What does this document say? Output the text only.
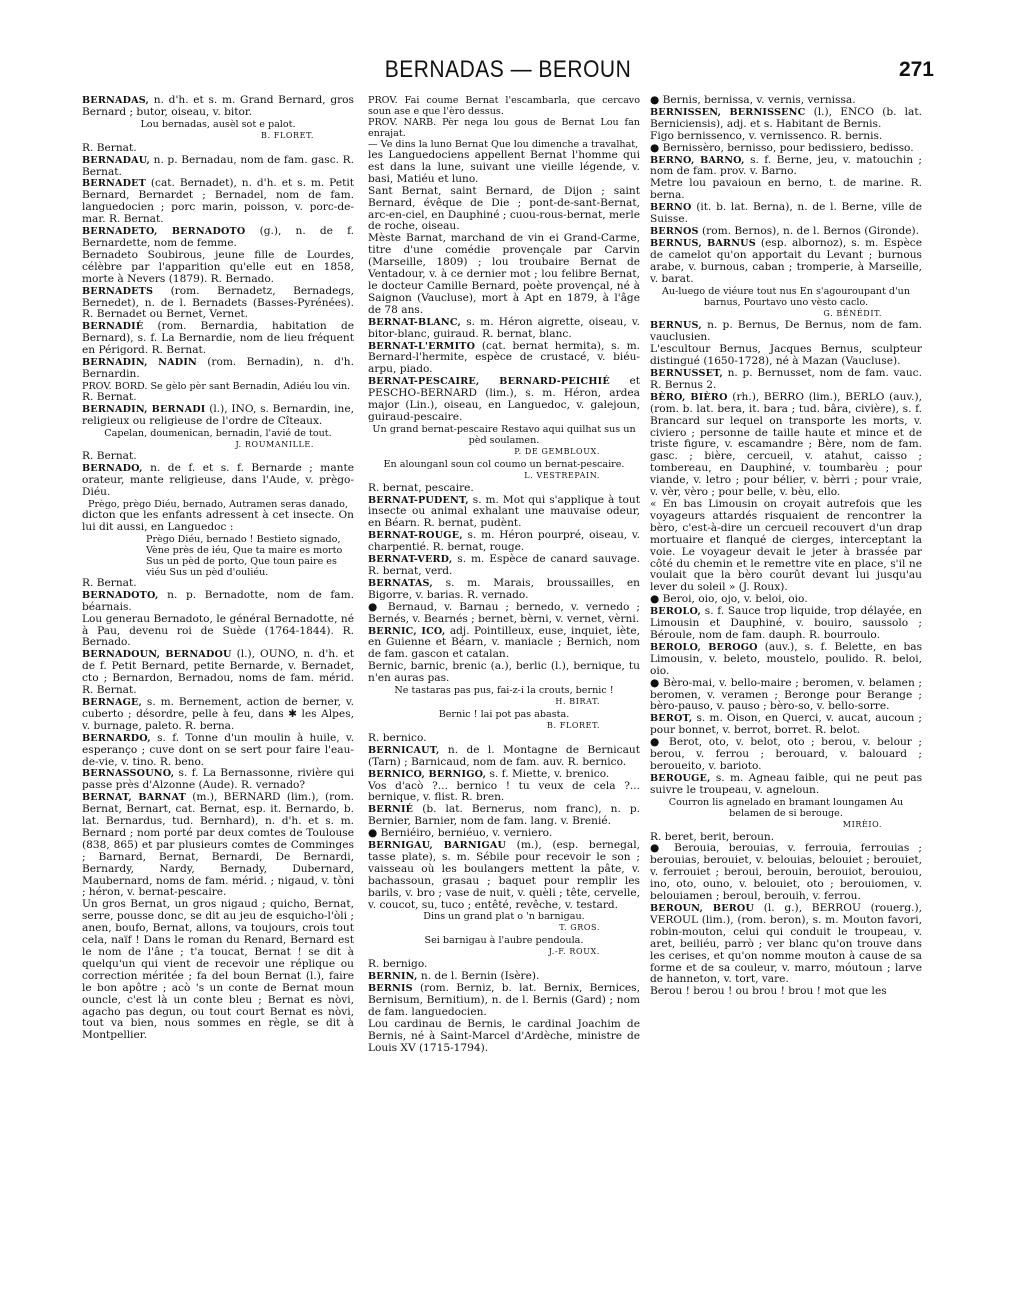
BERNADAS — BEROUN	271

BERNADAS, n. d'h. et s. m. Grand Bernard, gros Bernard ; butor, oiseau, v. bitor.

Lou bernadas, ausèl sot e palot.

B. FLORET.

R. Bernat.

BERNADAU, n. p. Bernadau, nom de fam. gasc. R. Bernat.

BERNADET (cat. Bernadet), n. d'h. et s. m. Petit Bernard, Bernardet ; Bernadel, nom de fam. languedocien ; porc marin, poisson, v. porc-de-mar. R. Bernat.

BERNADETO, BERNADOTO (g.), n. de f. Bernardette, nom de femme.

Bernadeto Soubirous, jeune fille de Lourdes, célèbre par l'apparition qu'elle eut en 1858, morte à Nevers (1879). R. Bernado.

BERNADETS (rom. Bernadetz, Bernadegs, Bernedet), n. de l. Bernadets (Basses-Pyrénées). R. Bernadet ou Bernet, Vernet.

BERNADIÉ (rom. Bernardia, habitation de Bernard), s. f. La Bernardie, nom de lieu fréquent en Périgord. R. Bernat.

BERNADIN, NADIN (rom. Bernadin), n. d'h. Bernardin.

PROV. BORD. Se gèlo pèr sant Bernadin, Adiéu lou vin.

R. Bernat.

BERNADIN, BERNADI (l.), INO, s. Bernardin, ine, religieux ou religieuse de l'ordre de Cîteaux.

Capelan, doumenican, bernadin, l'avié de tout.

J. ROUMANILLE.

R. Bernat.

BERNADO, n. de f. et s. f. Bernarde ; mante orateur, mante religieuse, dans l'Aude, v. prègo-Diéu.

Prègo, prègo Diéu, bernado, Autramen seras danado,

dicton que les enfants adressent à cet insecte. On lui dit aussi, en Languedoc :

Prègo Diéu, bernado ! Bestieto signado, Vène près de iéu, Que ta maire es morto Sus un pèd de porto, Que toun paire es viéu Sus un pèd d'ouliéu.

R. Bernat.

BERNADOTO, n. p. Bernadotte, nom de fam. béarnais.

Lou generau Bernadoto, le général Bernadotte, né à Pau, devenu roi de Suède (1764-1844). R. Bernado.

BERNADOUN, BERNADOU (l.), OUNO, n. d'h. et de f. Petit Bernard, petite Bernarde, v. Bernadet, cto ; Bernardon, Bernadou, noms de fam. mérid. R. Bernat.

BERNAGE, s. m. Bernement, action de berner, v. cuberto ; désordre, pelle à feu, dans ✱ les Alpes, v. burnage, paleto. R. berna.

BERNARDO, s. f. Tonne d'un moulin à huile, v. esperanço ; cuve dont on se sert pour faire l'eau-de-vie, v. tino. R. beno.

BERNASSOUNO, s. f. La Bernassonne, rivière qui passe près d'Alzonne (Aude). R. vernado?

BERNAT, BARNAT (m.), BERNARD (lim.), (rom. Bernat, Bernart, cat. Bernat, esp. it. Bernardo, b. lat. Bernardus, tud. Bernhard), n. d'h. et s. m. Bernard ; nom porté par deux comtes de Toulouse (838, 865) et par plusieurs comtes de Comminges ; Barnard, Bernat, Bernardi, De Bernardi, Bernardy, Nardy, Bernady, Dubernard, Maubernard, noms de fam. mérid. ; nigaud, v. tòni ; héron, v. bernat-pescaire.

Un gros Bernat, un gros nigaud ; quicho, Bernat, serre, pousse donc, se dit au jeu de esquicho-l'òli ; anen, boufo, Bernat, allons, va toujours, crois tout cela, naïf ! Dans le roman du Renard, Bernard est le nom de l'âne ; t'a toucat, Bernat ! se dit à quelqu'un qui vient de recevoir une réplique ou correction méritée ; fa del boun Bernat (l.), faire le bon apôtre ; acò 's un conte de Bernat moun ouncle, c'est là un conte bleu ; Bernat es nòvi, agacho pas degun, ou tout court Bernat es nòvi, tout va bien, nous sommes en règle, se dit à Montpellier.

PROV. Fai coume Bernat l'escambarla, que cercavo soun ase e que l'èro dessus.

PROV. NARB. Pèr nega lou gous de Bernat Lou fan enrajat.

— Ve dins la luno Bernat Que lou dimenche a travalhat,

les Languedociens appellent Bernat l'homme qui est dans la lune, suivant une vieille légende, v. basi, Matiéu et luno.

Sant Bernat, saint Bernard, de Dijon ; saint Bernard, évêque de Die ; pont-de-sant-Bernat, arc-en-ciel, en Dauphiné ; cuou-rous-bernat, merle de roche, oiseau.

Mèste Barnat, marchand de vin ei Grand-Carme, titre d'une comédie provençale par Carvin (Marseille, 1809) ; lou troubaire Bernat de Ventadour, v. à ce dernier mot ; lou felibre Bernat, le docteur Camille Bernard, poète provençal, né à Saignon (Vaucluse), mort à Apt en 1879, à l'âge de 78 ans.

BERNAT-BLANC, s. m. Héron aigrette, oiseau, v. bitor-blanc, guiraud. R. bernat, blanc.

BERNAT-L'ERMITO (cat. bernat hermita), s. m. Bernard-l'hermite, espèce de crustacé, v. biéu-arpu, piado.

BERNAT-PESCAIRE, BERNARD-PEICHIÉ et PESCHO-BERNARD (lim.), s. m. Héron, ardea major (Lin.), oiseau, en Languedoc, v. galejoun, guiraud-pescaire.

Un grand bernat-pescaire Restavo aqui quilhat sus un pèd soulamen.

P. DE GEMBLOUX.

En alounganl soun col coumo un bernat-pescaire.

L. VESTREPAIN.

R. bernat, pescaire.

BERNAT-PUDENT, s. m. Mot qui s'applique à tout insecte ou animal exhalant une mauvaise odeur, en Béarn. R. bernat, pudènt.

BERNAT-ROUGE, s. m. Héron pourpré, oiseau, v. charpentié. R. bernat, rouge.

BERNAT-VERD, s. m. Espèce de canard sauvage. R. bernat, verd.

BERNATAS, s. m. Marais, broussailles, en Bigorre, v. barias. R. vernado.

● Bernaud, v. Barnau ; bernedo, v. vernedo ; Bernés, v. Bearnés ; bernet, bèrni, v. vernet, vèrni.

BERNIC, ICO, adj. Pointilleux, euse, inquiet, iète, en Guienne et Béarn, v. maniacle ; Bernich, nom de fam. gascon et catalan.

Bernic, barnic, brenic (a.), berlic (l.), bernique, tu n'en auras pas.

Ne tastaras pas pus, fai-z-i la crouts, bernic !

H. BIRAT.

Bernic ! lai pot pas abasta.

B. FLORET.

R. bernico.

BERNICAUT, n. de l. Montagne de Bernicaut (Tarn) ; Barnicaud, nom de fam. auv. R. bernico.

BERNICO, BERNIGO, s. f. Miette, v. brenico.

Vos d'acò ?... bernico ! tu veux de cela ?... bernique, v. flist. R. bren.

BERNIÉ (b. lat. Bernerus, nom franc), n. p. Bernier, Barnier, nom de fam. lang. v. Brenié.

● Berniéiro, berniéuo, v. verniero.

BERNIGAU, BARNIGAU (m.), (esp. bernegal, tasse plate), s. m. Sébile pour recevoir le son ; vaisseau où les boulangers mettent la pâte, v. bachassoun, grasau ; baquet pour remplir les barils, v. bro ; vase de nuit, v. quèli ; tête, cervelle, v. coucot, su, tuco ; entêté, revêche, v. testard.

Dins un grand plat o 'n barnigau.

T. GROS.

Sei barnigau à l'aubre pendoula.

J.-F. ROUX.

R. bernigo.

BERNIN, n. de l. Bernin (Isère).

BERNIS (rom. Berniz, b. lat. Bernix, Bernices, Bernisum, Bernitium), n. de l. Bernis (Gard) ; nom de fam. languedocien.

Lou cardinau de Bernis, le cardinal Joachim de Bernis, né à Saint-Marcel d'Ardèche, ministre de Louis XV (1715-1794).

● Bernis, bernissa, v. vernis, vernissa.

BERNISSEN, BERNISSENC (l.), ENCO (b. lat. Berniciensis), adj. et s. Habitant de Bernis.

Figo bernissenco, v. vernissenco. R. bernis.

● Bernissèro, bernisso, pour bedissiero, bedisso.

BERNO, BARNO, s. f. Berne, jeu, v. matouchin ; nom de fam. prov. v. Barno.

Metre lou pavaioun en berno, t. de marine. R. berna.

BERNO (it. b. lat. Berna), n. de l. Berne, ville de Suisse.

BERNOS (rom. Bernos), n. de l. Bernos (Gironde).

BERNUS, BARNUS (esp. albornoz), s. m. Espèce de camelot qu'on apportait du Levant ; burnous arabe, v. burnous, caban ; tromperie, à Marseille, v. barat.

Au-luego de viéure tout nus En s'agouroupant d'un barnus, Pourtavo uno vèsto caclo.

G. BÉNÉDIT.

BERNUS, n. p. Bernus, De Bernus, nom de fam. vauclusien.

L'escultour Bernus, Jacques Bernus, sculpteur distingué (1650-1728), né à Mazan (Vaucluse).

BERNUSSET, n. p. Bernusset, nom de fam. vauc. R. Bernus 2.

BÈRO, BIÈRO (rh.), BERRO (lim.), BERLO (auv.), (rom. b. lat. bera, it. bara ; tud. bâra, civière), s. f. Brancard sur lequel on transporte les morts, v. civiero ; personne de taille haute et mince et de triste figure, v. escamandre ; Bère, nom de fam. gasc. ; bière, cercueil, v. atahut, caisso ; tombereau, en Dauphiné, v. toumbarèu ; pour viande, v. letro ; pour bélier, v. bèrri ; pour vraie, v. vèr, vèro ; pour belle, v. bèu, ello.

« En bas Limousin on croyait autrefois que les voyageurs attardés risquaient de rencontrer la bèro, c'est-à-dire un cercueil recouvert d'un drap mortuaire et flanqué de cierges, interceptant la voie. Le voyageur devait le jeter à brassée par côté du chemin et le remettre vite en place, s'il ne voulait que la bèro courût devant lui jusqu'au lever du soleil » (J. Roux).

● Beroi, oio, ojo, v. beloi, oio.

BEROLO, s. f. Sauce trop liquide, trop délayée, en Limousin et Dauphiné, v. bouiro, saussolo ; Béroule, nom de fam. dauph. R. bourroulo.

BEROLO, BEROGO (auv.), s. f. Belette, en bas Limousin, v. beleto, moustelo, poulido. R. beloi, oio.

● Bèro-mai, v. bello-maire ; beromen, v. belamen ; beromen, v. veramen ; Beronge pour Berange ; bèro-pauso, v. pauso ; bèro-so, v. bello-sorre.

BEROT, s. m. Oison, en Querci, v. aucat, aucoun ; pour bonnet, v. berrot, borret. R. belot.

● Berot, oto, v. belot, oto ; berou, v. belour ; berou, v. ferrou ; berouard, v. balouard ; beroueito, v. barioto.

BEROUGE, s. m. Agneau faible, qui ne peut pas suivre le troupeau, v. agneloun.

Courron lis agnelado en bramant loungamen Au belamen de si berouge.

MIRÈIO.

R. beret, berit, beroun.

● Berouia, berouias, v. ferrouia, ferrouias ; berouias, berouiet, v. belouias, belouiet ; berouiet, v. ferrouiet ; beroui, berouin, berouiot, berouiou, ino, oto, ouno, v. belouiet, oto ; berouiomen, v. belouiamen ; beroul, berouih, v. ferrou.

BEROUN, BEROU (l. g.), BERROU (rouerg.), VEROUL (lim.), (rom. beron), s. m. Mouton favori, robin-mouton, celui qui conduit le troupeau, v. aret, beiliéu, parrò ; ver blanc qu'on trouve dans les cerises, et qu'on nomme mouton à cause de sa forme et de sa couleur, v. marro, móutoun ; larve de hanneton, v. tort, vare.

Berou ! berou ! ou brou ! brou ! mot que les
